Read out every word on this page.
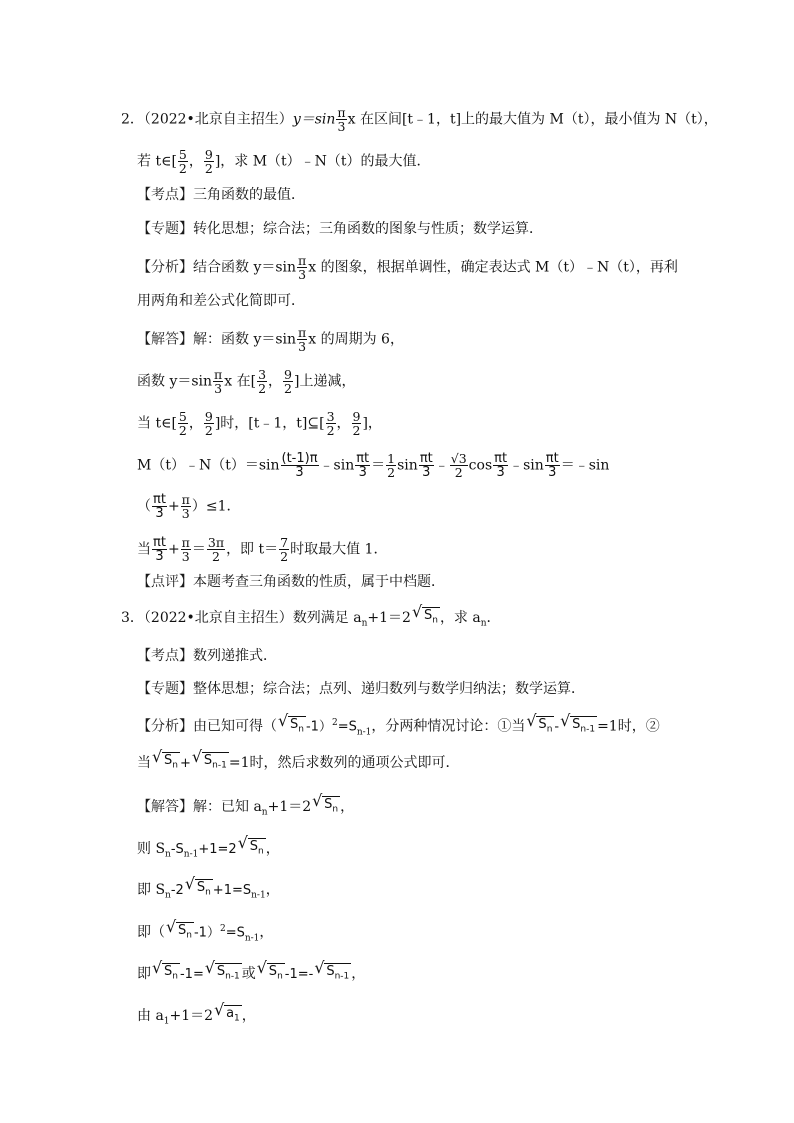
2．（2022•北京自主招生）$y=\sin \frac{\pi}{3}$ x 在区间[t﹣1，t]上的最大值为 M（t），最小值为 N（t），
若 t∈[ $\frac{5}{2}$ ， $\frac{9}{2}$ ]，求 M（t）﹣N（t）的最大值．
【考点】三角函数的最值．
【专题】转化思想；综合法；三角函数的图象与性质；数学运算．
【分析】结合函数 $y=\sin \frac{\pi}{3}$ x 的图象，根据单调性，确定表达式 M（t）﹣N（t），再利
用两角和差公式化简即可．
【解答】解：函数 $y=\sin \frac{\pi}{3}$ x 的周期为 6，
函数 $y=\sin \frac{\pi}{3}$ x 在[ $\frac{3}{2}$ ， $\frac{9}{2}$ ]上递减，
当 t∈[ $\frac{5}{2}$ ， $\frac{9}{2}$ ]时，[t﹣1，t]⊆[ $\frac{3}{2}$ ， $\frac{9}{2}$ ]，
M（t）﹣N（t）＝sin $\frac{(t-1)\pi}{3}$ ﹣sin $\frac{\pi t}{3} = \frac{1}{2}$ $\sin \frac{\pi t}{3}$ ﹣ $\frac{√3}{2}$ $\cos \frac{\pi t}{3}$ ﹣sin $\frac{\pi t}{3}$ ＝﹣sin
（ $\frac{\pi t}{3} + \frac{\pi}{3} )\le 1$．
当 $\frac{\pi t}{3} + \frac{\pi}{3} = \frac{3\pi}{2}$ ，即 $t= \frac{7}{2}$ 时取最大值 1．
【点评】本题考查三角函数的性质，属于中档题．
3．（2022•北京自主招生）数列满足 $a_n+1=2$ √ $S_n$ ，求 $a_n$．
【考点】数列递推式．
【专题】整体思想；综合法；点列、递归数列与数学归纳法；数学运算．
【分析】由已知可得（ √ $S_n$ $-1)^2=S_{n-1}$，分两种情况讨论：①当 √ $S_n$ - √ $S_{n-1} =1$时，②
当 √ $S_n$ + √ $S_{n-1} =1$时，然后求数列的通项公式即可．
【解答】解：已知 $a_n+1=2$ √ $S_n$ ，
则 $S_n-S_{n-1}+1=2$ √ $S_n$ ，
即 $S_n-2$ √ $S_n +1=S_{n-1}$，
即（ √ $S_n$ $-1)^2=S_{n-1}$，
即 √ $S_n$ -1= √ $S_{n-1}$ 或 √ $S_n$ -1=- √ $S_{n-1}$ ，
由 $a_1+1=2$ √ $a_1$ ，
